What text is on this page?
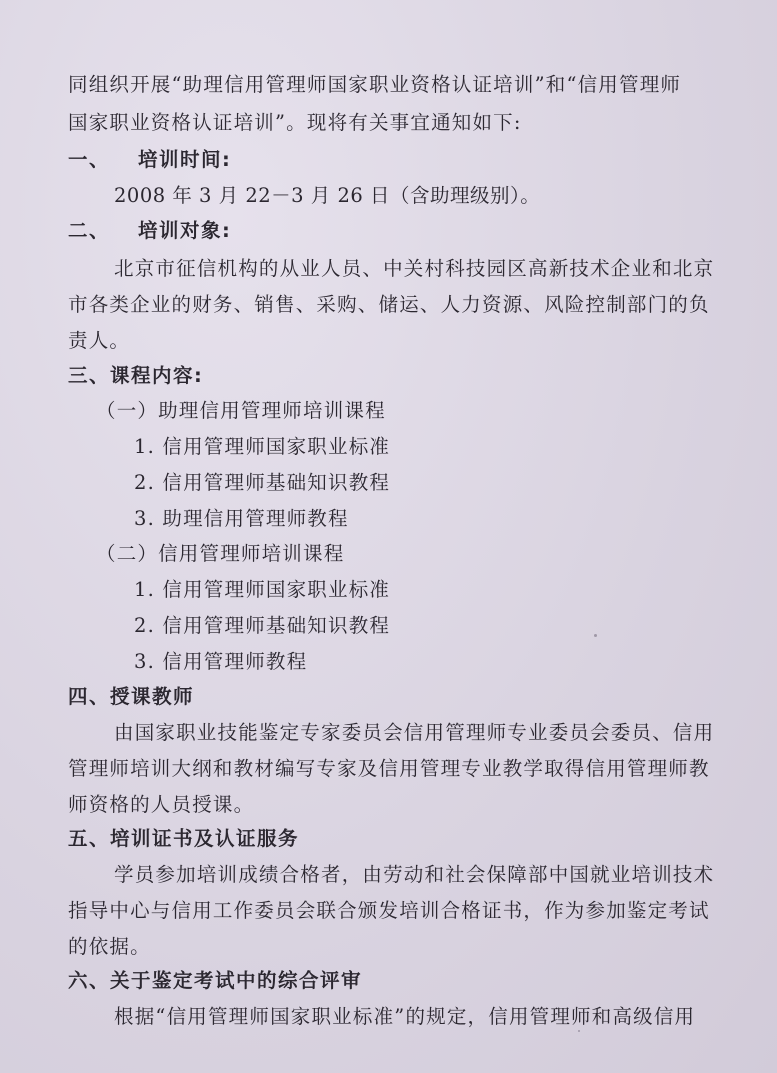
同组织开展“助理信用管理师国家职业资格认证培训”和“信用管理师
国家职业资格认证培训”。现将有关事宜通知如下:
一、 培训时间:
2008 年 3 月 22－3 月 26 日（含助理级别）。
二、 培训对象:
北京市征信机构的从业人员、中关村科技园区高新技术企业和北京
市各类企业的财务、销售、采购、储运、人力资源、风险控制部门的负
责人。
三、课程内容:
（一）助理信用管理师培训课程
1. 信用管理师国家职业标准
2. 信用管理师基础知识教程
3. 助理信用管理师教程
（二）信用管理师培训课程
1. 信用管理师国家职业标准
2. 信用管理师基础知识教程
3. 信用管理师教程
四、授课教师
由国家职业技能鉴定专家委员会信用管理师专业委员会委员、信用
管理师培训大纲和教材编写专家及信用管理专业教学取得信用管理师教
师资格的人员授课。
五、培训证书及认证服务
学员参加培训成绩合格者，由劳动和社会保障部中国就业培训技术
指导中心与信用工作委员会联合颁发培训合格证书，作为参加鉴定考试
的依据。
六、关于鉴定考试中的综合评审
根据“信用管理师国家职业标准”的规定，信用管理师和高级信用
